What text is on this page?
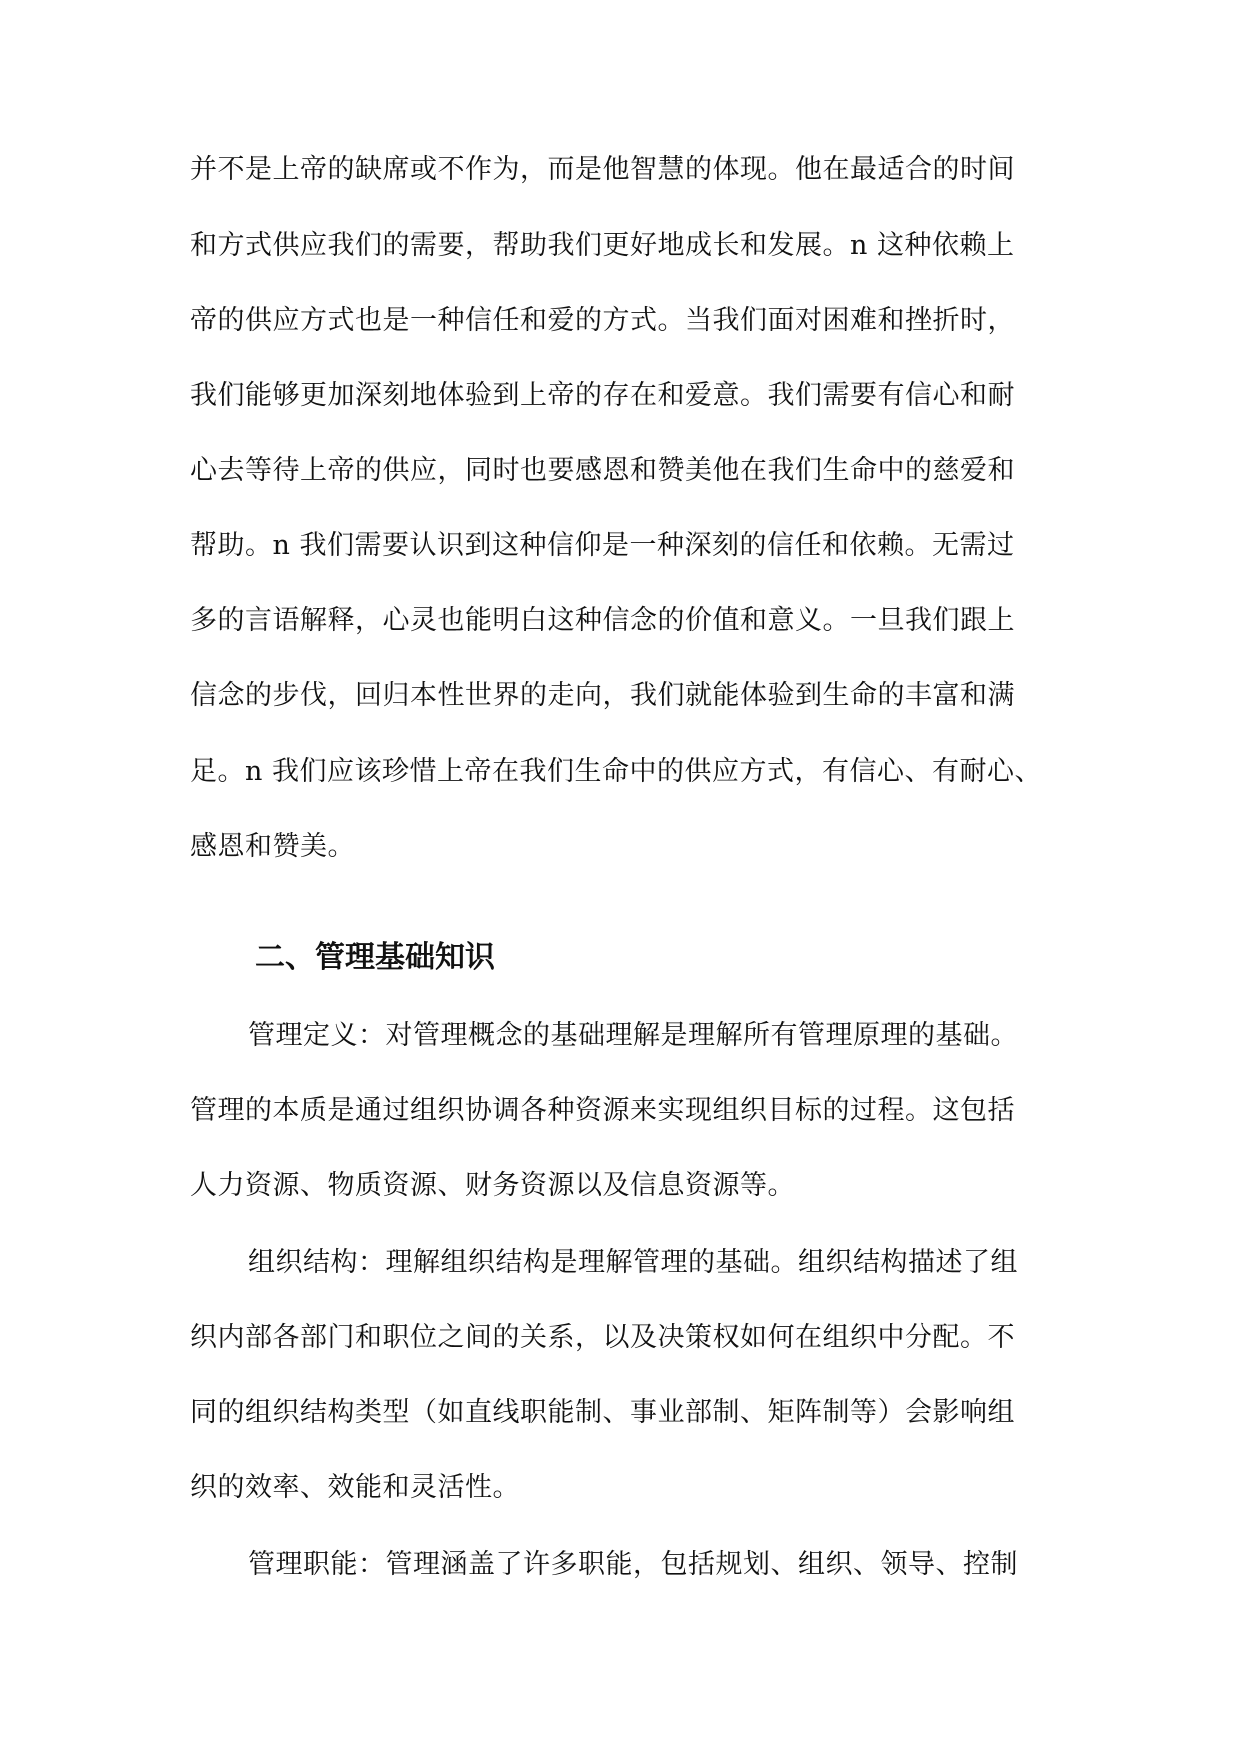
并不是上帝的缺席或不作为，而是他智慧的体现。他在最适合的时间
和方式供应我们的需要，帮助我们更好地成长和发展。n 这种依赖上
帝的供应方式也是一种信任和爱的方式。当我们面对困难和挫折时，
我们能够更加深刻地体验到上帝的存在和爱意。我们需要有信心和耐
心去等待上帝的供应，同时也要感恩和赞美他在我们生命中的慈爱和
帮助。n 我们需要认识到这种信仰是一种深刻的信任和依赖。无需过
多的言语解释，心灵也能明白这种信念的价值和意义。一旦我们跟上
信念的步伐，回归本性世界的走向，我们就能体验到生命的丰富和满
足。n 我们应该珍惜上帝在我们生命中的供应方式，有信心、有耐心、
感恩和赞美。
二、管理基础知识
管理定义：对管理概念的基础理解是理解所有管理原理的基础。
管理的本质是通过组织协调各种资源来实现组织目标的过程。这包括
人力资源、物质资源、财务资源以及信息资源等。
组织结构：理解组织结构是理解管理的基础。组织结构描述了组
织内部各部门和职位之间的关系，以及决策权如何在组织中分配。不
同的组织结构类型（如直线职能制、事业部制、矩阵制等）会影响组
织的效率、效能和灵活性。
管理职能：管理涵盖了许多职能，包括规划、组织、领导、控制
